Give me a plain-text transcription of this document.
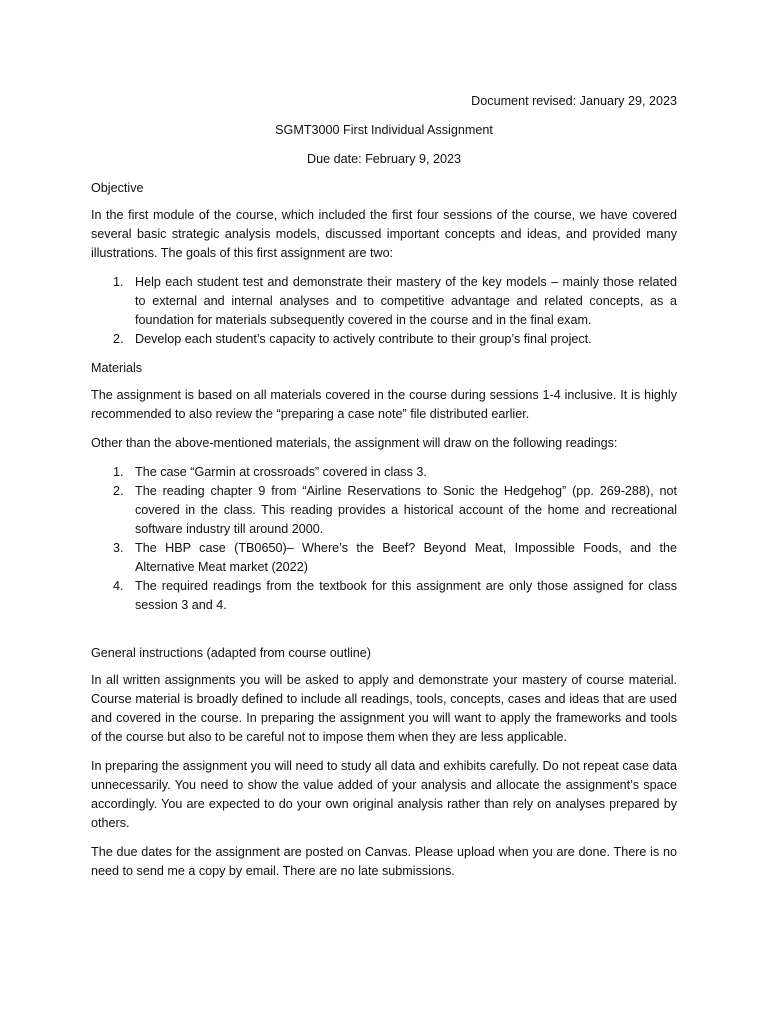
Document revised: January 29, 2023
SGMT3000 First Individual Assignment
Due date: February 9, 2023
Objective

In the first module of the course, which included the first four sessions of the course, we have covered several basic strategic analysis models, discussed important concepts and ideas, and provided many illustrations. The goals of this first assignment are two:

1. Help each student test and demonstrate their mastery of the key models – mainly those related to external and internal analyses and to competitive advantage and related concepts, as a foundation for materials subsequently covered in the course and in the final exam.
2. Develop each student’s capacity to actively contribute to their group’s final project.
Materials

The assignment is based on all materials covered in the course during sessions 1-4 inclusive. It is highly recommended to also review the “preparing a case note” file distributed earlier.

Other than the above-mentioned materials, the assignment will draw on the following readings:

1. The case “Garmin at crossroads” covered in class 3.
2. The reading chapter 9 from “Airline Reservations to Sonic the Hedgehog” (pp. 269-288), not covered in the class. This reading provides a historical account of the home and recreational software industry till around 2000.
3. The HBP case (TB0650)– Where’s the Beef? Beyond Meat, Impossible Foods, and the Alternative Meat market (2022)
4. The required readings from the textbook for this assignment are only those assigned for class session 3 and 4.
General instructions (adapted from course outline)

In all written assignments you will be asked to apply and demonstrate your mastery of course material. Course material is broadly defined to include all readings, tools, concepts, cases and ideas that are used and covered in the course. In preparing the assignment you will want to apply the frameworks and tools of the course but also to be careful not to impose them when they are less applicable.

In preparing the assignment you will need to study all data and exhibits carefully. Do not repeat case data unnecessarily. You need to show the value added of your analysis and allocate the assignment’s space accordingly. You are expected to do your own original analysis rather than rely on analyses prepared by others.

The due dates for the assignment are posted on Canvas. Please upload when you are done. There is no need to send me a copy by email. There are no late submissions.
